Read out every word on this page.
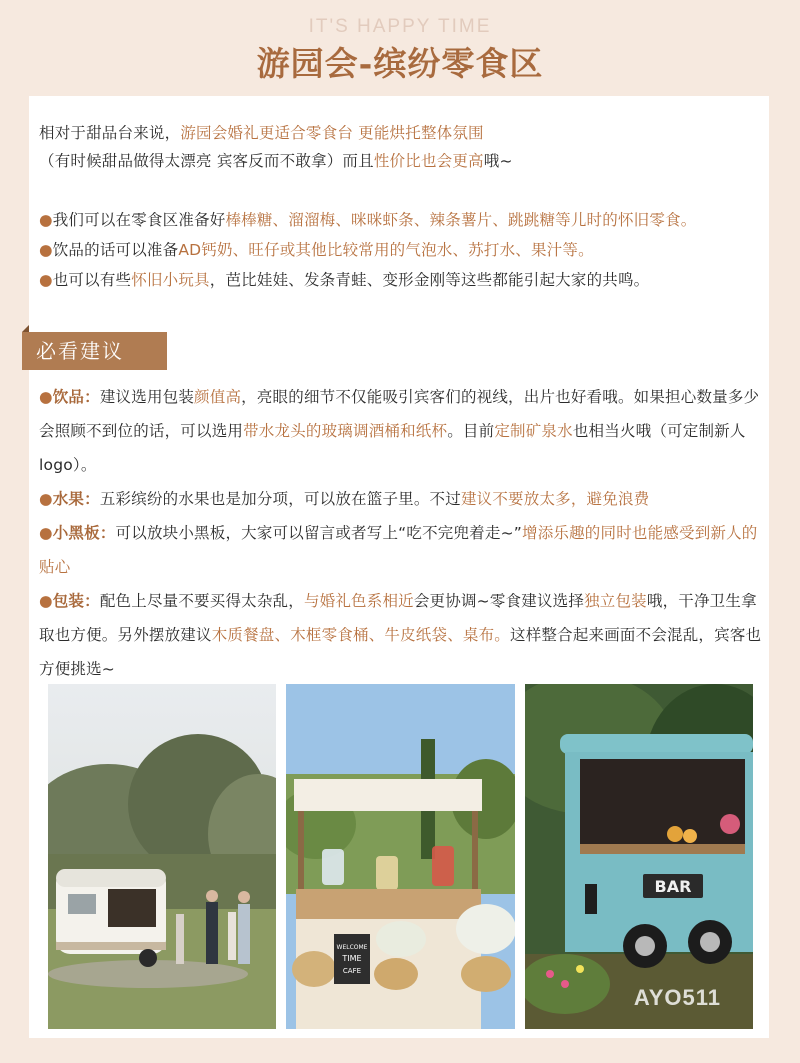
IT'S HAPPY TIME
游园会-缤纷零食区
相对于甜品台来说，游园会婚礼更适合零食台 更能烘托整体氛围
（有时候甜品做得太漂亮 宾客反而不敢拿）而且性价比也会更高哦~
●我们可以在零食区准备好棒棒糖、溜溜梅、咪咪虾条、辣条薯片、跳跳糖等儿时的怀旧零食。
●饮品的话可以准备AD钙奶、旺仔或其他比较常用的气泡水、苏打水、果汁等。
●也可以有些怀旧小玩具，芭比娃娃、发条青蛙、变形金刚等这些都能引起大家的共鸣。
必看建议
●饮品：建议选用包装颜值高，亮眼的细节不仅能吸引宾客们的视线，出片也好看哦。如果担心数量多少会照顾不到位的话，可以选用带水龙头的玻璃调酒桶和纸杯。目前定制矿泉水也相当火哦（可定制新人logo）。
●水果：五彩缤纷的水果也是加分项，可以放在篮子里。不过建议不要放太多，避免浪费
●小黑板：可以放块小黑板，大家可以留言或者写上“吃不完兜着走~”增添乐趣的同时也能感受到新人的贴心
●包装：配色上尽量不要买得太杂乱，与婚礼色系相近会更协调~零食建议选择独立包装哦，干净卫生拿取也方便。另外摆放建议木质餐盘、木框零食桶、牛皮纸袋、桌布。这样整合起来画面不会混乱，宾客也方便挑选~
WELCOME
TIME
CAFE
BAR
AYO511
